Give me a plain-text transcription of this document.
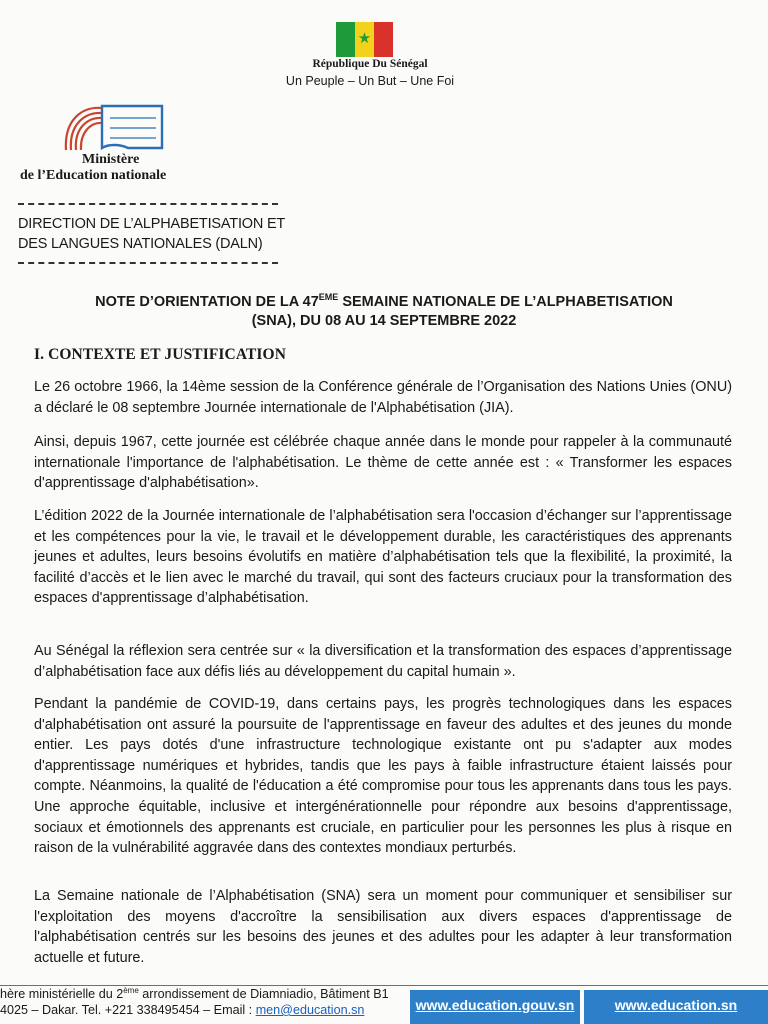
★
République Du Sénégal
Un Peuple – Un But – Une Foi
Ministère
de l’Education nationale
DIRECTION DE L’ALPHABETISATION ET
DES LANGUES NATIONALES (DALN)
NOTE D’ORIENTATION DE LA 47EME SEMAINE NATIONALE DE L’ALPHABETISATION
(SNA), DU 08 AU 14 SEPTEMBRE 2022
I. CONTEXTE ET JUSTIFICATION
Le 26 octobre 1966, la 14ème session de la Conférence générale de l’Organisation des Nations Unies (ONU) a déclaré le 08 septembre Journée internationale de l'Alphabétisation (JIA).
Ainsi, depuis 1967, cette journée est célébrée chaque année dans le monde pour rappeler à la communauté internationale l'importance de l'alphabétisation. Le thème de cette année est : « Transformer les espaces d'apprentissage d'alphabétisation».
L’édition 2022 de la Journée internationale de l’alphabétisation sera l'occasion d’échanger sur l’apprentissage et les compétences pour la vie, le travail et le développement durable, les caractéristiques des apprenants jeunes et adultes, leurs besoins évolutifs en matière d’alphabétisation tels que la flexibilité, la proximité, la facilité d’accès et le lien avec le marché du travail, qui sont des facteurs cruciaux pour la transformation des espaces d'apprentissage d’alphabétisation.
Au Sénégal la réflexion sera centrée sur « la diversification et la transformation des espaces d’apprentissage d’alphabétisation face aux défis liés au développement du capital humain ».
Pendant la pandémie de COVID-19, dans certains pays, les progrès technologiques dans les espaces d'alphabétisation ont assuré la poursuite de l'apprentissage en faveur des adultes et des jeunes du monde entier. Les pays dotés d'une infrastructure technologique existante ont pu s'adapter aux modes d'apprentissage numériques et hybrides, tandis que les pays à faible infrastructure étaient laissés pour compte. Néanmoins, la qualité de l'éducation a été compromise pour tous les apprenants dans tous les pays. Une approche équitable, inclusive et intergénérationnelle pour répondre aux besoins d'apprentissage, sociaux et émotionnels des apprenants est cruciale, en particulier pour les personnes les plus à risque en raison de la vulnérabilité aggravée dans des contextes mondiaux perturbés.
La Semaine nationale de l’Alphabétisation (SNA) sera un moment pour communiquer et sensibiliser sur l'exploitation des moyens d'accroître la sensibilisation aux divers espaces d'apprentissage de l'alphabétisation centrés sur les besoins des jeunes et des adultes pour les adapter à leur transformation actuelle et future.
hère ministérielle du 2ème arrondissement de Diamniadio, Bâtiment B1
4025 – Dakar. Tel. +221 338495454 – Email : men@education.sn	www.education.gouv.sn	www.education.sn
